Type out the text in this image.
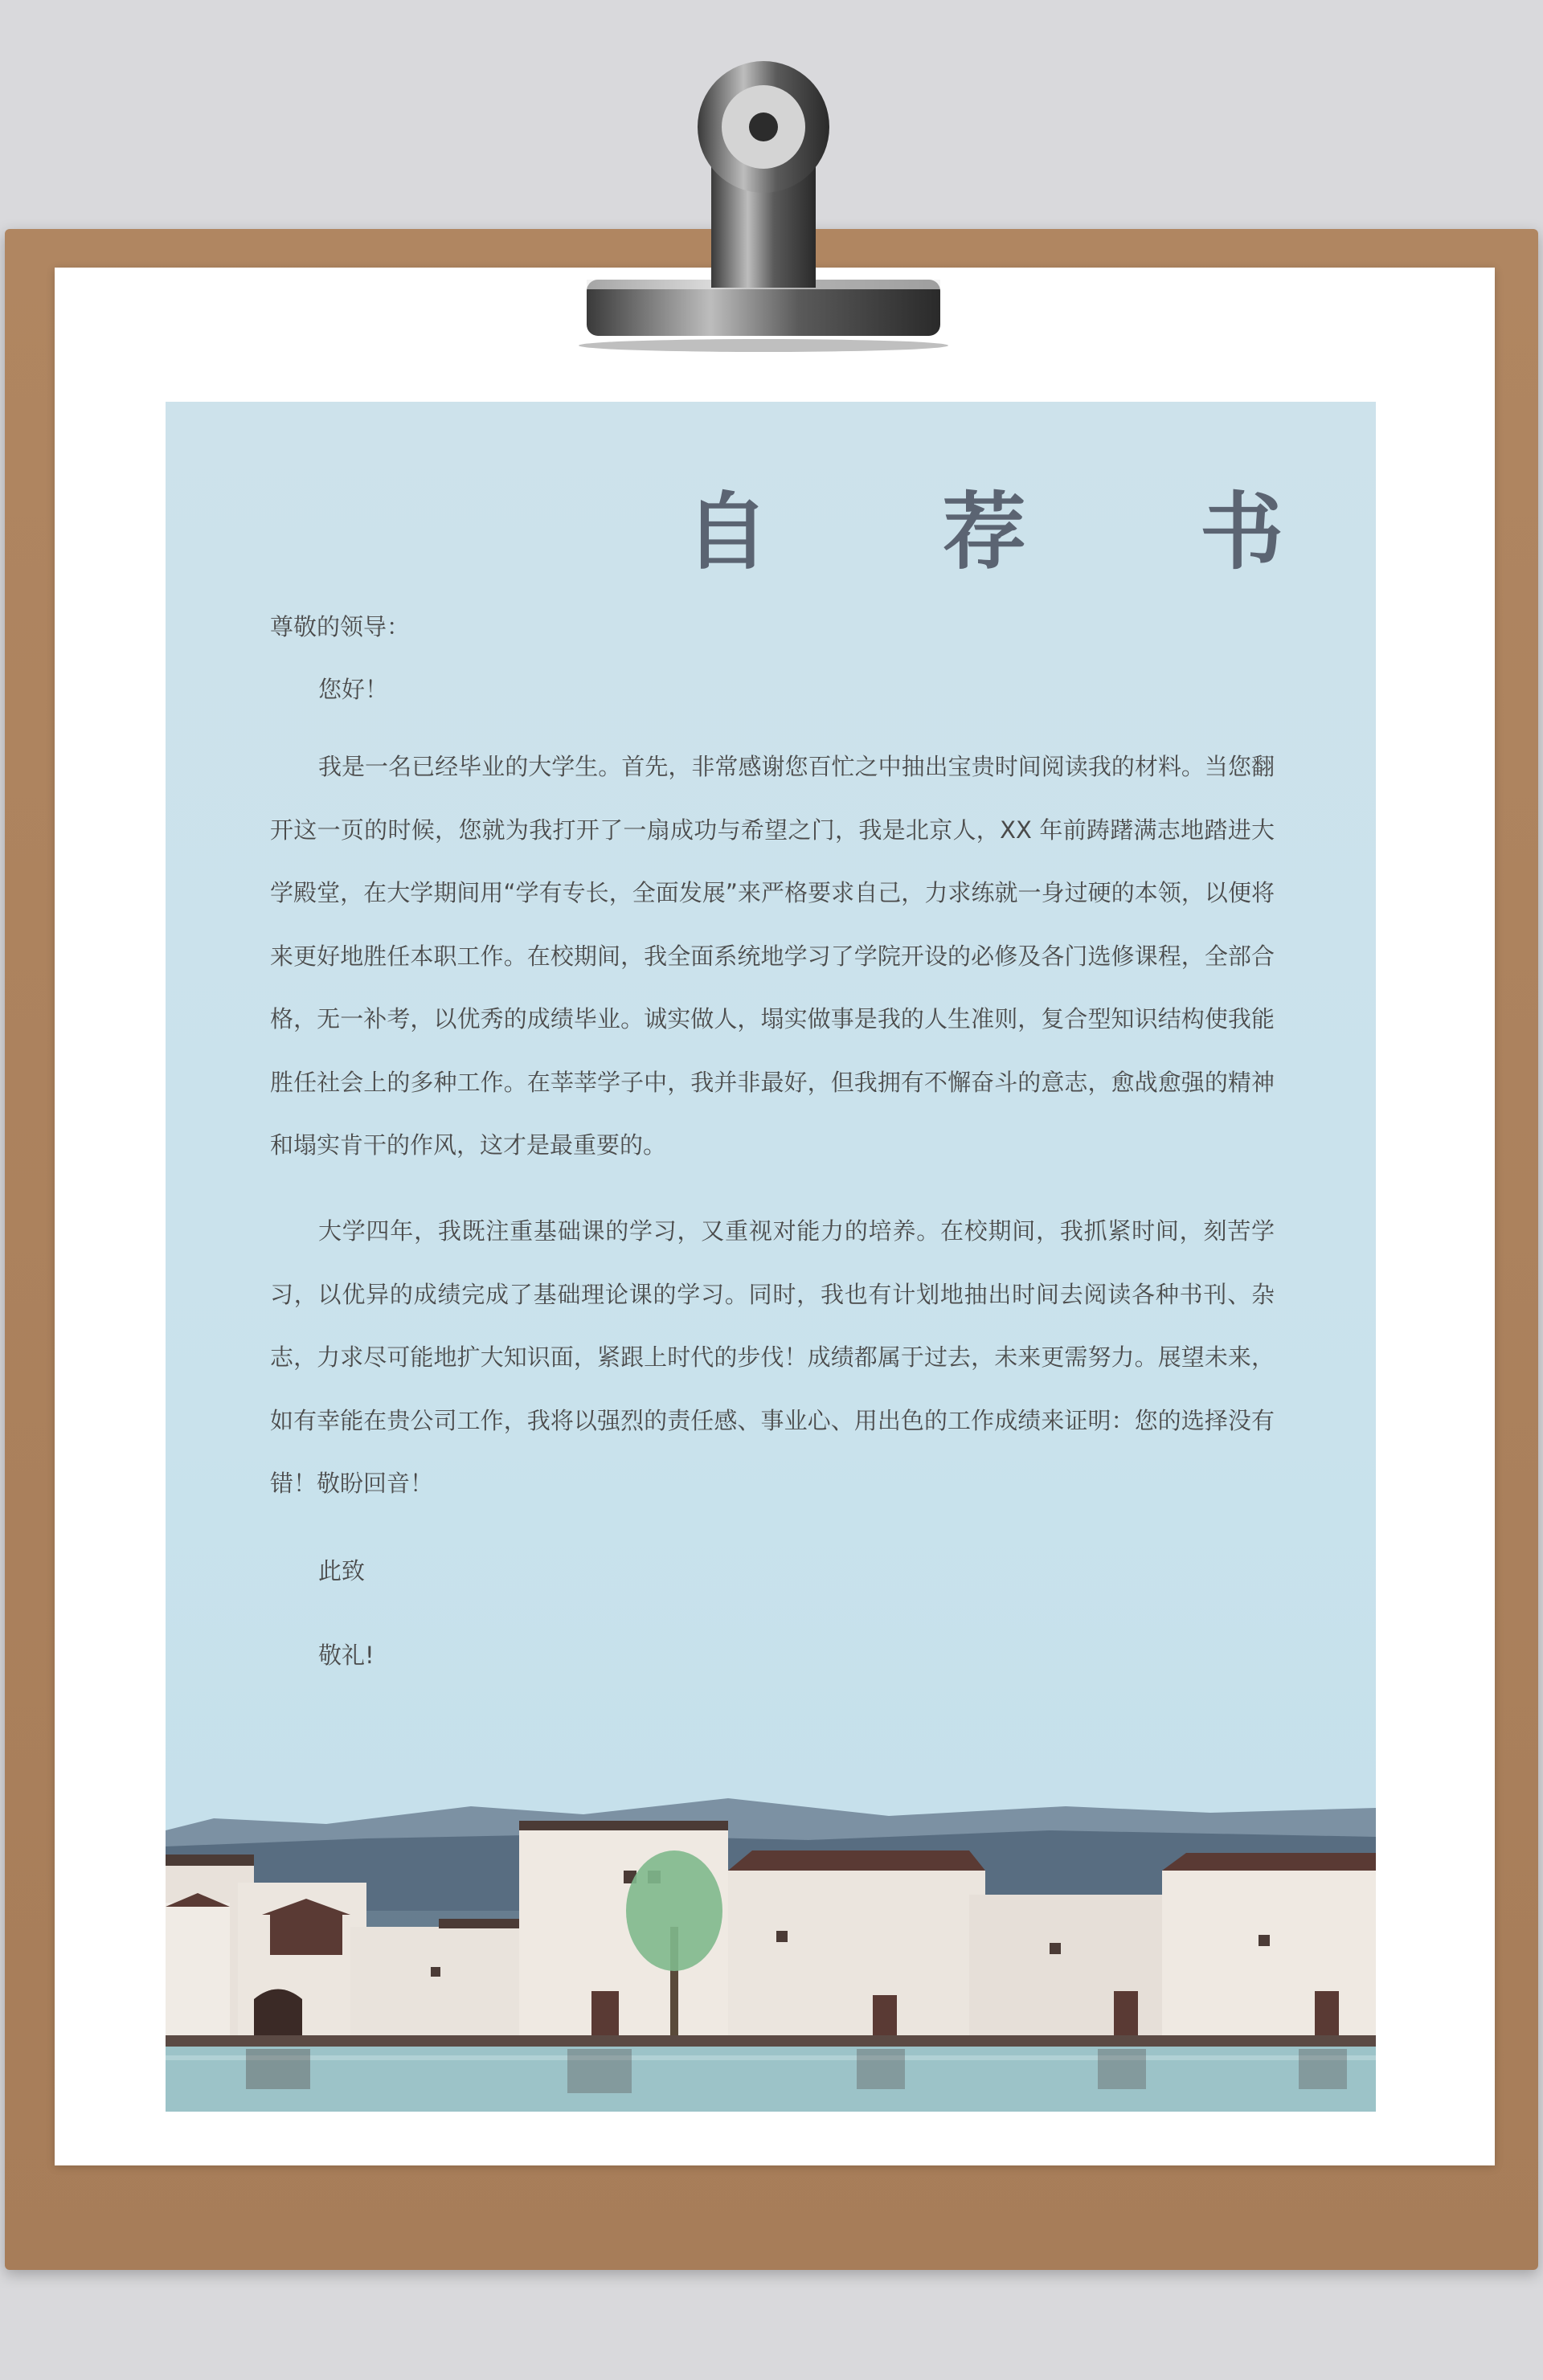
自 荐 书
尊敬的领导：
您好！
我是一名已经毕业的大学生。首先，非常感谢您百忙之中抽出宝贵时间阅读我的材料。当您翻开这一页的时候，您就为我打开了一扇成功与希望之门，我是北京人，XX 年前踌躇满志地踏进大学殿堂，在大学期间用“学有专长，全面发展”来严格要求自己，力求练就一身过硬的本领，以便将来更好地胜任本职工作。在校期间，我全面系统地学习了学院开设的必修及各门选修课程，全部合格，无一补考，以优秀的成绩毕业。诚实做人，塌实做事是我的人生准则，复合型知识结构使我能胜任社会上的多种工作。在莘莘学子中，我并非最好，但我拥有不懈奋斗的意志，愈战愈强的精神和塌实肯干的作风，这才是最重要的。
大学四年，我既注重基础课的学习，又重视对能力的培养。在校期间，我抓紧时间，刻苦学习，以优异的成绩完成了基础理论课的学习。同时，我也有计划地抽出时间去阅读各种书刊、杂志，力求尽可能地扩大知识面，紧跟上时代的步伐！成绩都属于过去，未来更需努力。展望未来，如有幸能在贵公司工作，我将以强烈的责任感、事业心、用出色的工作成绩来证明：您的选择没有错！敬盼回音！
此致
敬礼!
